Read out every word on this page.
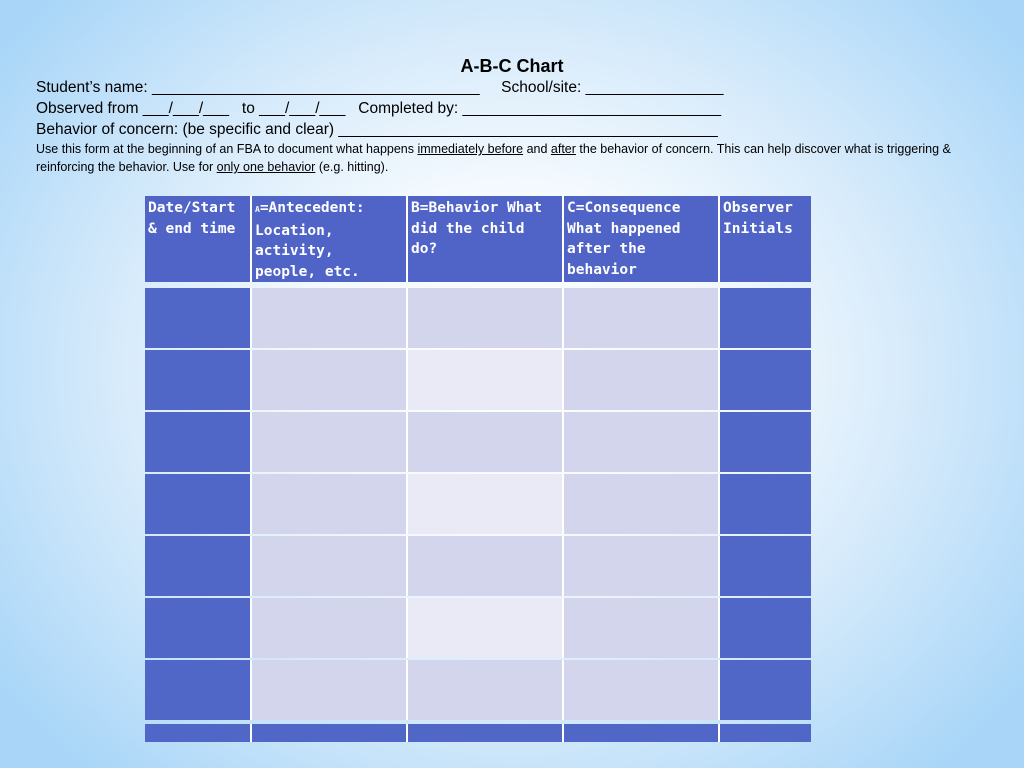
A-B-C Chart
Student’s name: ______________________________________     School/site: ________________
Observed from ___/___/___   to ___/___/___   Completed by: ______________________________
Behavior of concern: (be specific and clear) ____________________________________________
Use this form at the beginning of an FBA to document what happens immediately before and after the behavior of concern. This can help discover what is triggering & reinforcing the behavior. Use for only one behavior (e.g. hitting).
Date/Start & end time
A=Antecedent: Location, activity, people, etc.
B=Behavior What did the child do?
C=Consequence What happened after the behavior
Observer Initials
